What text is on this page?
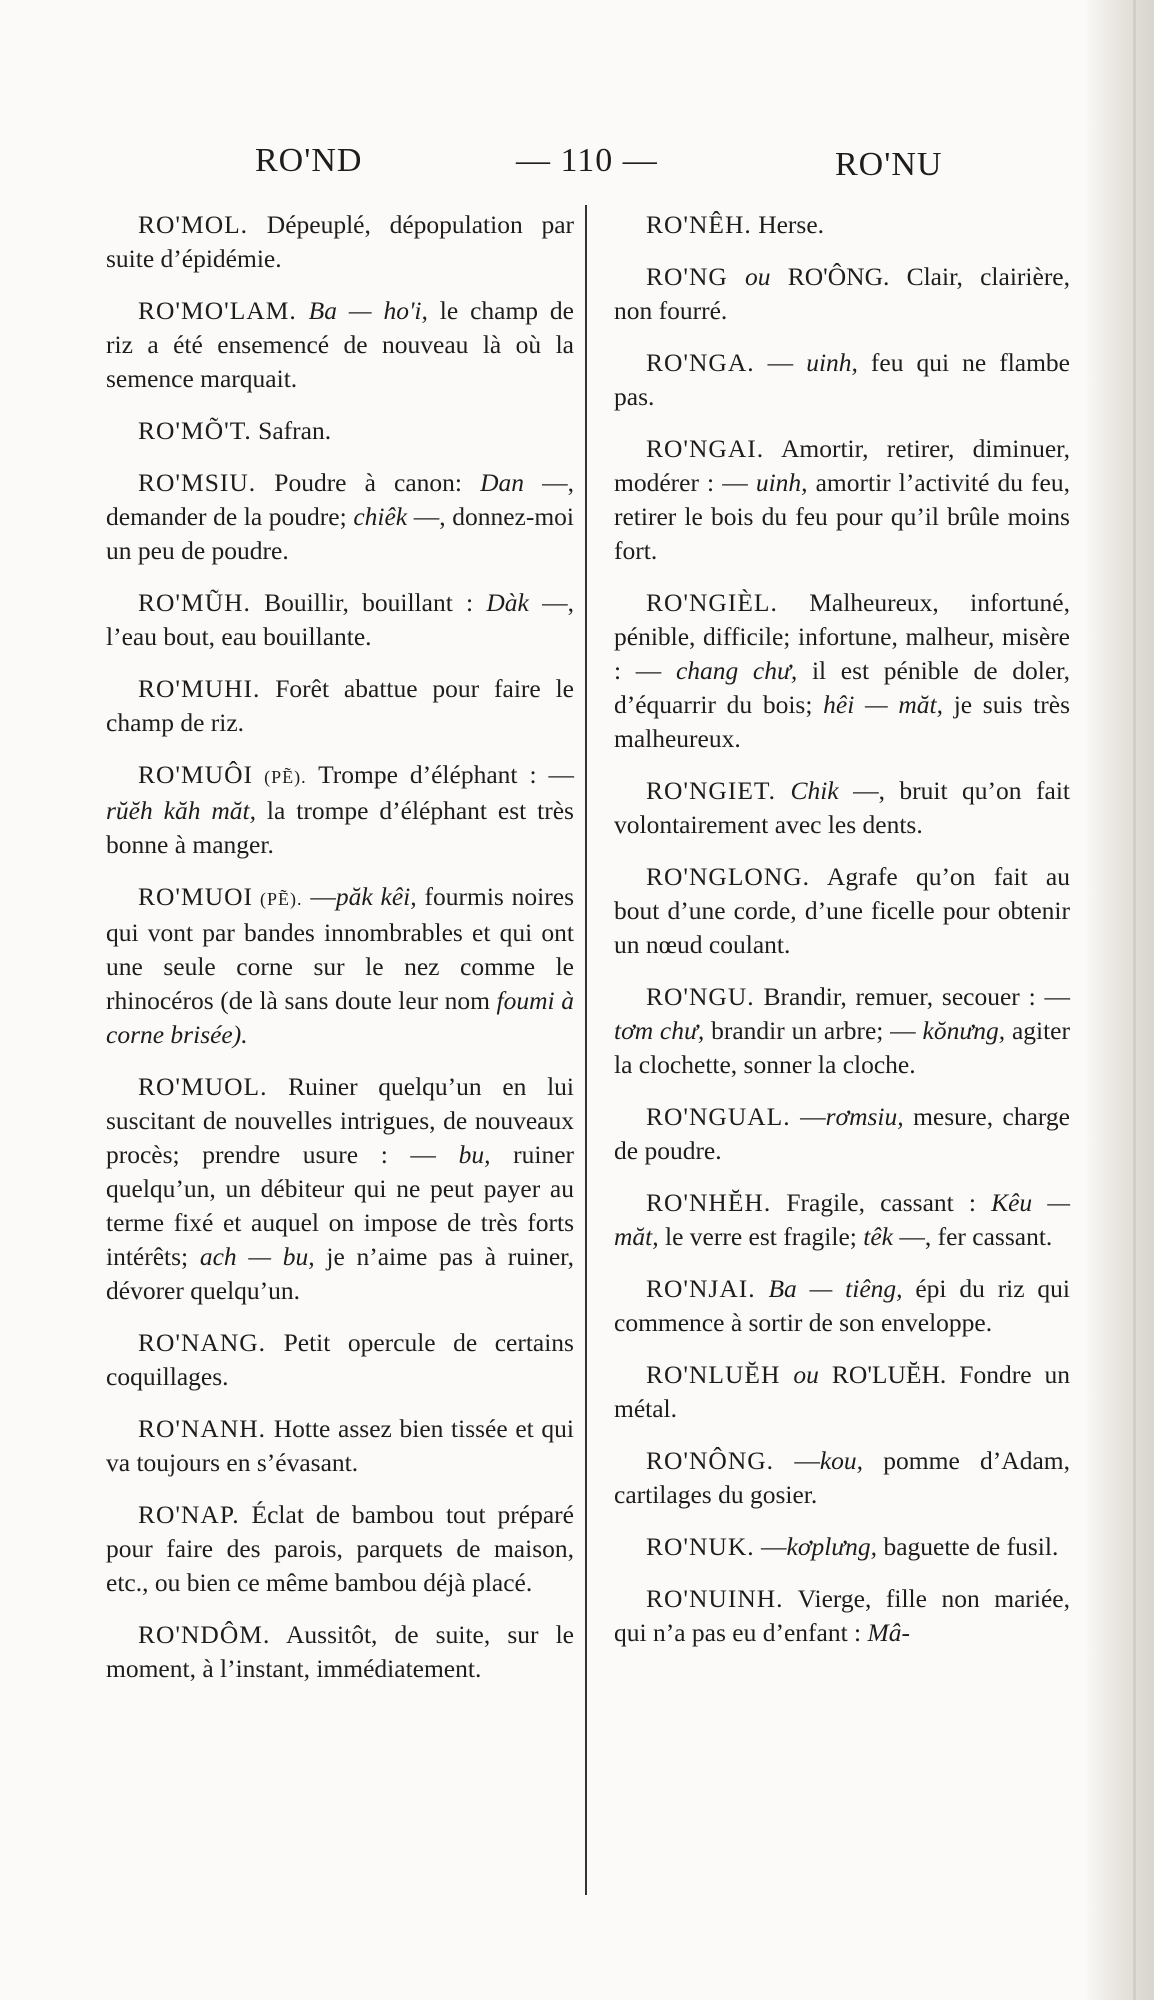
RO'ND	— 110 —	RO'NU

RO'MOL. Dépeuplé, dépopulation par suite d’épidémie.

RO'MO'LAM. Ba — ho'i, le champ de riz a été ensemencé de nouveau là où la semence marquait.

RO'MÕ'T. Safran.

RO'MSIU. Poudre à canon: Dan —, demander de la poudre; chiêk —, donnez-moi un peu de poudre.

RO'MŨH. Bouillir, bouillant : Dàk —, l’eau bout, eau bouillante.

RO'MUHI. Forêt abattue pour faire le champ de riz.

RO'MUÔI (PẼ). Trompe d’éléphant : — rŭĕh kăh măt, la trompe d’éléphant est très bonne à manger.

RO'MUOI (PẼ). —păk kêi, fourmis noires qui vont par bandes innombrables et qui ont une seule corne sur le nez comme le rhinocéros (de là sans doute leur nom foumi à corne brisée).

RO'MUOL. Ruiner quelqu’un en lui suscitant de nouvelles intrigues, de nouveaux procès; prendre usure : — bu, ruiner quelqu’un, un débiteur qui ne peut payer au terme fixé et auquel on impose de très forts intérêts; ach — bu, je n’aime pas à ruiner, dévorer quelqu’un.

RO'NANG. Petit opercule de certains coquillages.

RO'NANH. Hotte assez bien tissée et qui va toujours en s’évasant.

RO'NAP. Éclat de bambou tout préparé pour faire des parois, parquets de maison, etc., ou bien ce même bambou déjà placé.

RO'NDÔM. Aussitôt, de suite, sur le moment, à l’instant, immédiatement.

RO'NÊH. Herse.

RO'NG ou RO'ÔNG. Clair, clairière, non fourré.

RO'NGA. — uinh, feu qui ne flambe pas.

RO'NGAI. Amortir, retirer, diminuer, modérer : — uinh, amortir l’activité du feu, retirer le bois du feu pour qu’il brûle moins fort.

RO'NGIÈL. Malheureux, infortuné, pénible, difficile; infortune, malheur, misère : — chang chư, il est pénible de doler, d’équarrir du bois; hêi — măt, je suis très malheureux.

RO'NGIET. Chik —, bruit qu’on fait volontairement avec les dents.

RO'NGLONG. Agrafe qu’on fait au bout d’une corde, d’une ficelle pour obtenir un nœud coulant.

RO'NGU. Brandir, remuer, secouer : — tơm chư, brandir un arbre; — kŏnưng, agiter la clochette, sonner la cloche.

RO'NGUAL. —rơmsiu, mesure, charge de poudre.

RO'NHĔH. Fragile, cassant : Kêu — măt, le verre est fragile; têk —, fer cassant.

RO'NJAI. Ba — tiêng, épi du riz qui commence à sortir de son enveloppe.

RO'NLUĔH ou RO'LUĔH. Fondre un métal.

RO'NÔNG. —kou, pomme d’Adam, cartilages du gosier.

RO'NUK. —kơplưng, baguette de fusil.

RO'NUINH. Vierge, fille non mariée, qui n’a pas eu d’enfant : Mâ-
